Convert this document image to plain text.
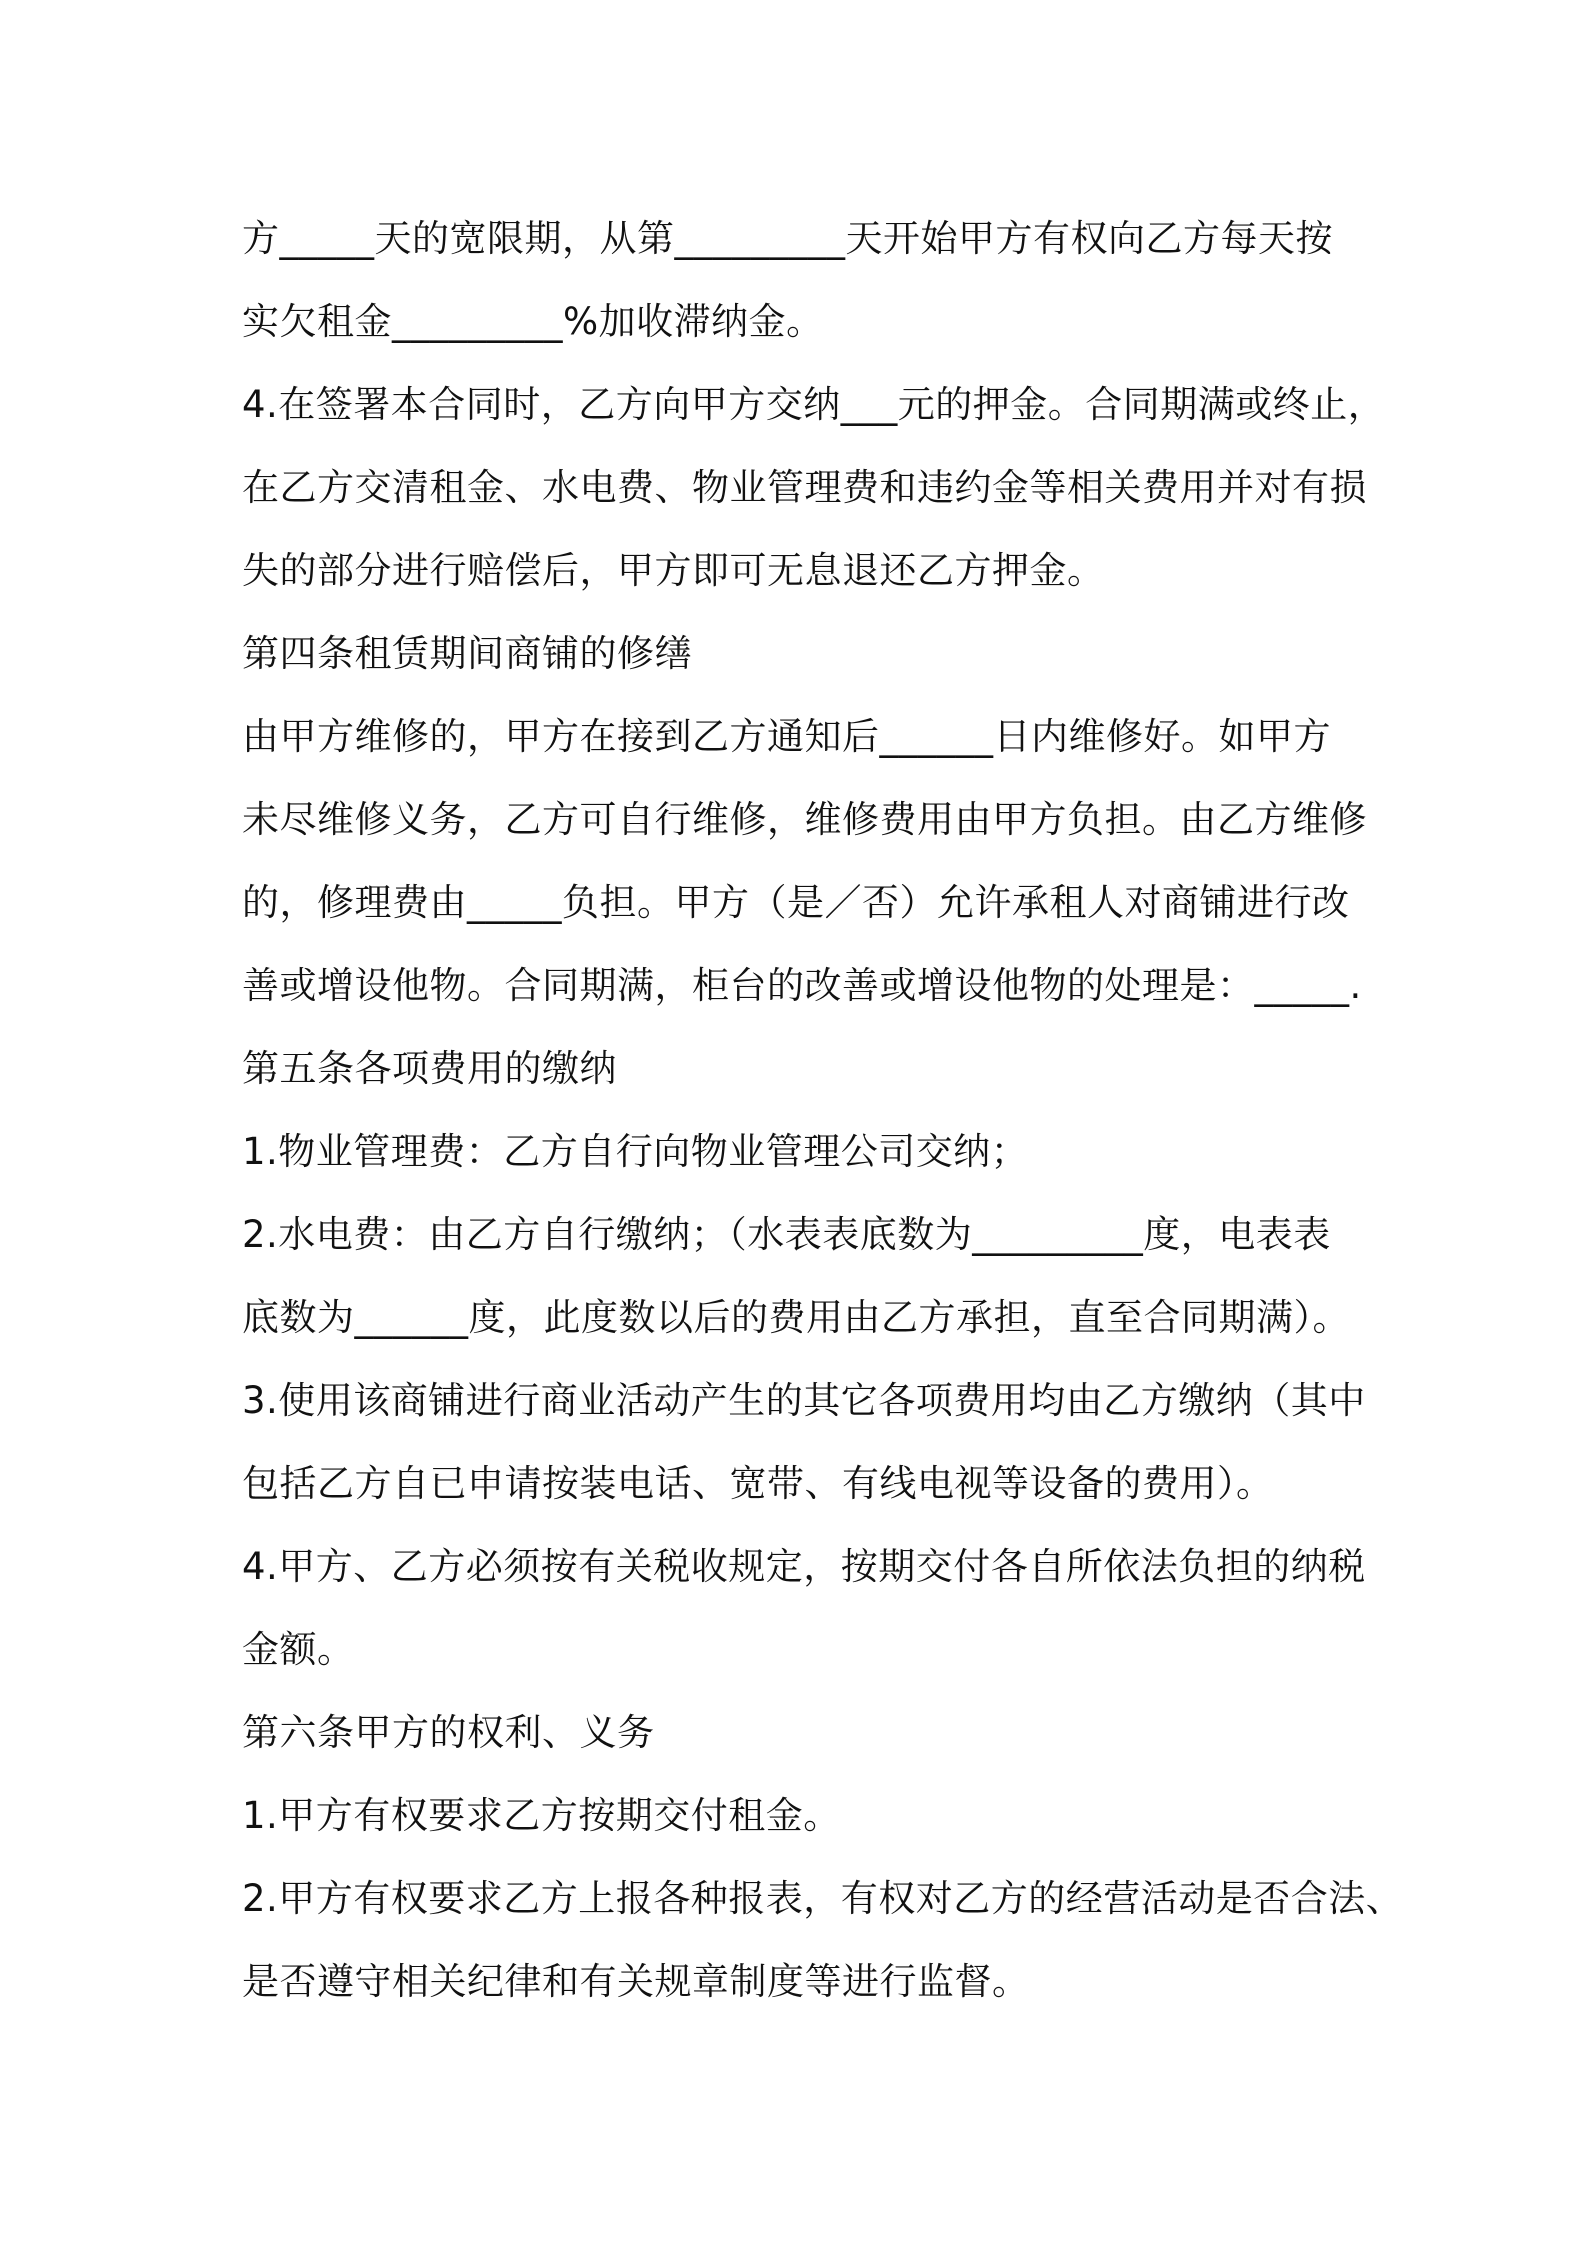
方_____天的宽限期，从第_________天开始甲方有权向乙方每天按
实欠租金_________%加收滞纳金。
4.在签署本合同时，乙方向甲方交纳___元的押金。合同期满或终止，
在乙方交清租金、水电费、物业管理费和违约金等相关费用并对有损
失的部分进行赔偿后，甲方即可无息退还乙方押金。
第四条租赁期间商铺的修缮
由甲方维修的，甲方在接到乙方通知后______日内维修好。如甲方
未尽维修义务，乙方可自行维修，维修费用由甲方负担。由乙方维修
的，修理费由_____负担。甲方（是／否）允许承租人对商铺进行改
善或增设他物。合同期满，柜台的改善或增设他物的处理是：_____.
第五条各项费用的缴纳
1.物业管理费：乙方自行向物业管理公司交纳；
2.水电费：由乙方自行缴纳；（水表表底数为_________度，电表表
底数为______度，此度数以后的费用由乙方承担，直至合同期满）。
3.使用该商铺进行商业活动产生的其它各项费用均由乙方缴纳（其中
包括乙方自已申请按装电话、宽带、有线电视等设备的费用）。
4.甲方、乙方必须按有关税收规定，按期交付各自所依法负担的纳税
金额。
第六条甲方的权利、义务
1.甲方有权要求乙方按期交付租金。
2.甲方有权要求乙方上报各种报表，有权对乙方的经营活动是否合法、
是否遵守相关纪律和有关规章制度等进行监督。
